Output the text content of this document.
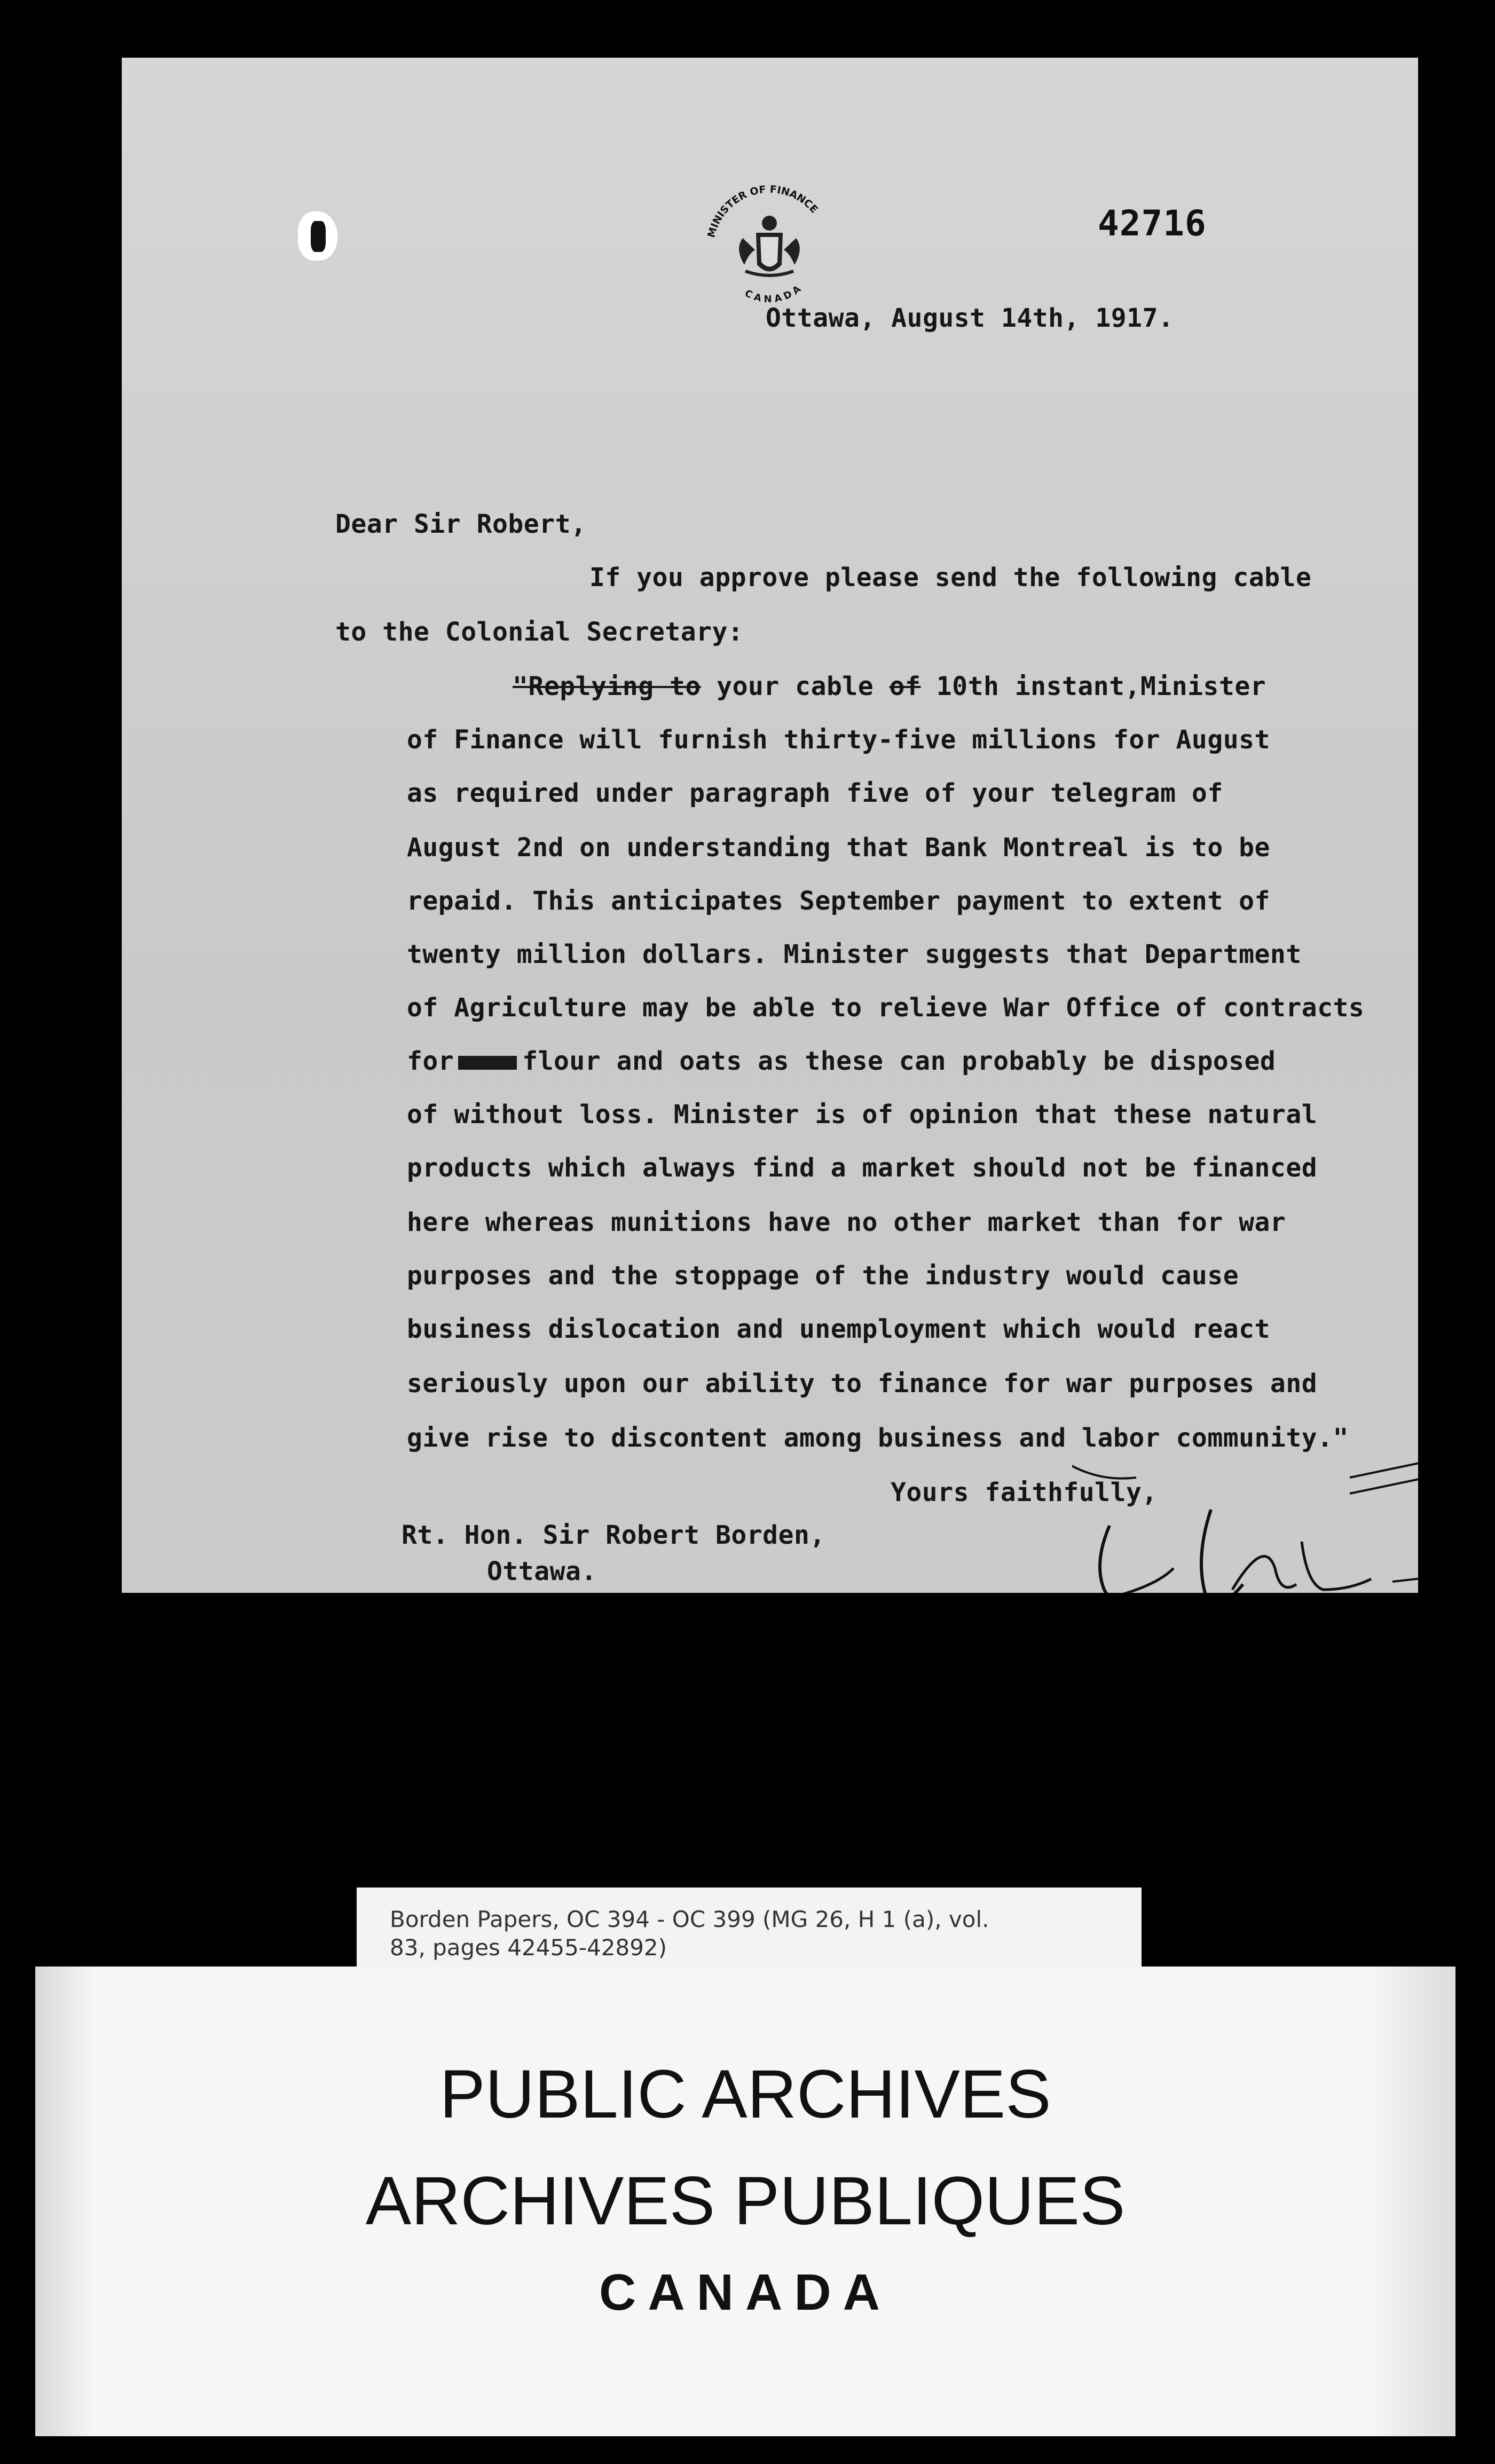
MINISTER OF FINANCE
CANADA
42716
Ottawa, August 14th, 1917.
Dear Sir Robert,
If you approve please send the following cable
to the Colonial Secretary:
"Replying to your cable of 10th instant,Minister
of Finance will furnish thirty-five millions for August
as required under paragraph five of your telegram of
August 2nd on understanding that Bank Montreal is to be
repaid. This anticipates September payment to extent of
twenty million dollars. Minister suggests that Department
of Agriculture may be able to relieve War Office of contracts
for	flour and oats as these can probably be disposed
of without loss. Minister is of opinion that these natural
products which always find a market should not be financed
here whereas munitions have no other market than for war
purposes and the stoppage of the industry would cause
business dislocation and unemployment which would react
seriously upon our ability to finance for war purposes and
give rise to discontent among business and labor community."
Yours faithfully,
Rt. Hon. Sir Robert Borden,
Ottawa.
Borden Papers, OC 394 - OC 399 (MG 26, H 1 (a), vol.
83, pages 42455-42892)
PUBLIC ARCHIVES
ARCHIVES PUBLIQUES
CANADA
